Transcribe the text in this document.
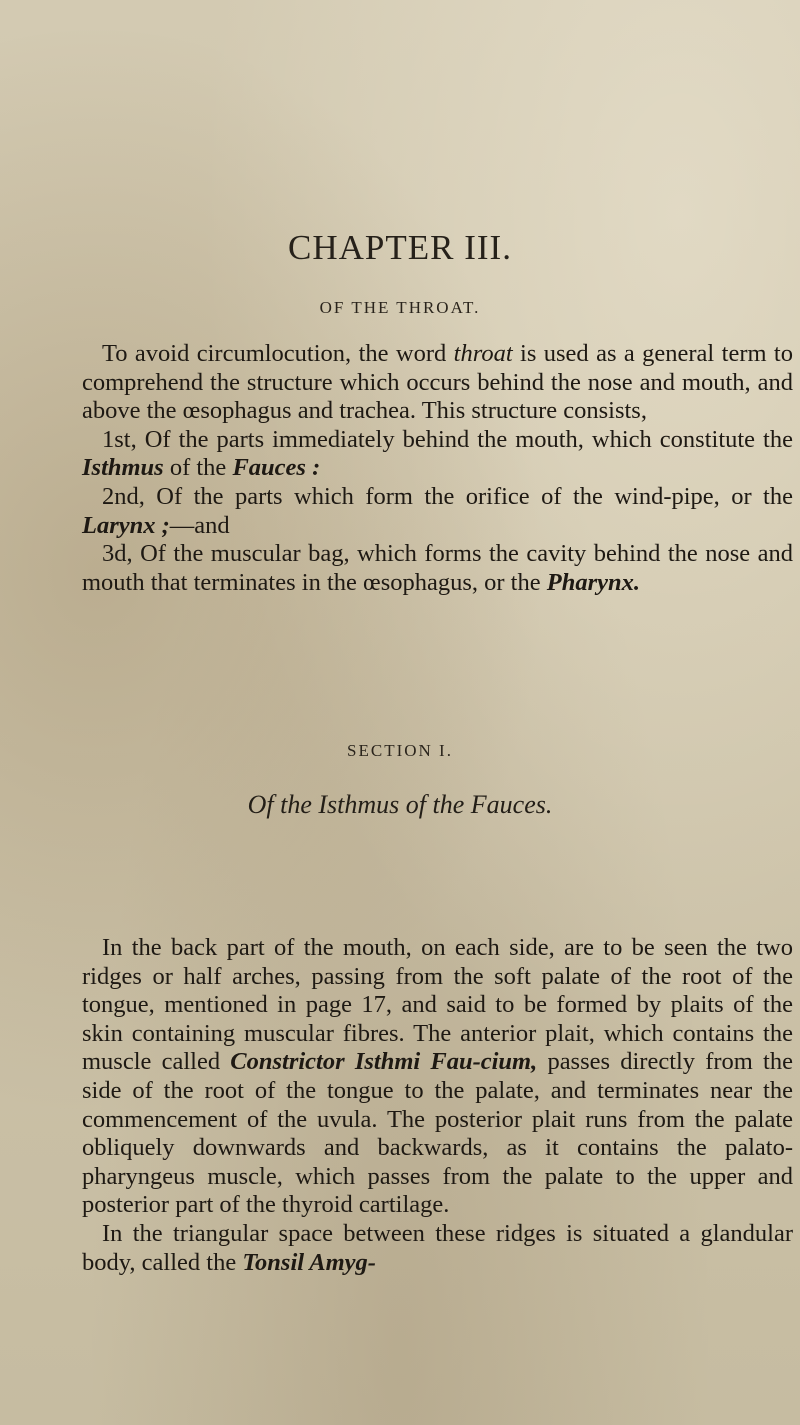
CHAPTER III.
OF THE THROAT.

To avoid circumlocution, the word throat is used as a general term to comprehend the structure which occurs behind the nose and mouth, and above the œsophagus and trachea. This structure consists,

1st, Of the parts immediately behind the mouth, which constitute the Isthmus of the Fauces :

2nd, Of the parts which form the orifice of the wind-pipe, or the Larynx ;—and

3d, Of the muscular bag, which forms the cavity behind the nose and mouth that terminates in the œsophagus, or the Pharynx.

SECTION I.
Of the Isthmus of the Fauces.

In the back part of the mouth, on each side, are to be seen the two ridges or half arches, passing from the soft palate of the root of the tongue, mentioned in page 17, and said to be formed by plaits of the skin containing muscular fibres. The anterior plait, which contains the muscle called Constrictor Isthmi Fau-cium, passes directly from the side of the root of the tongue to the palate, and terminates near the commencement of the uvula. The posterior plait runs from the palate obliquely downwards and backwards, as it contains the palato-pharyngeus muscle, which passes from the palate to the upper and posterior part of the thyroid cartilage.

In the triangular space between these ridges is situated a glandular body, called the Tonsil Amyg-
